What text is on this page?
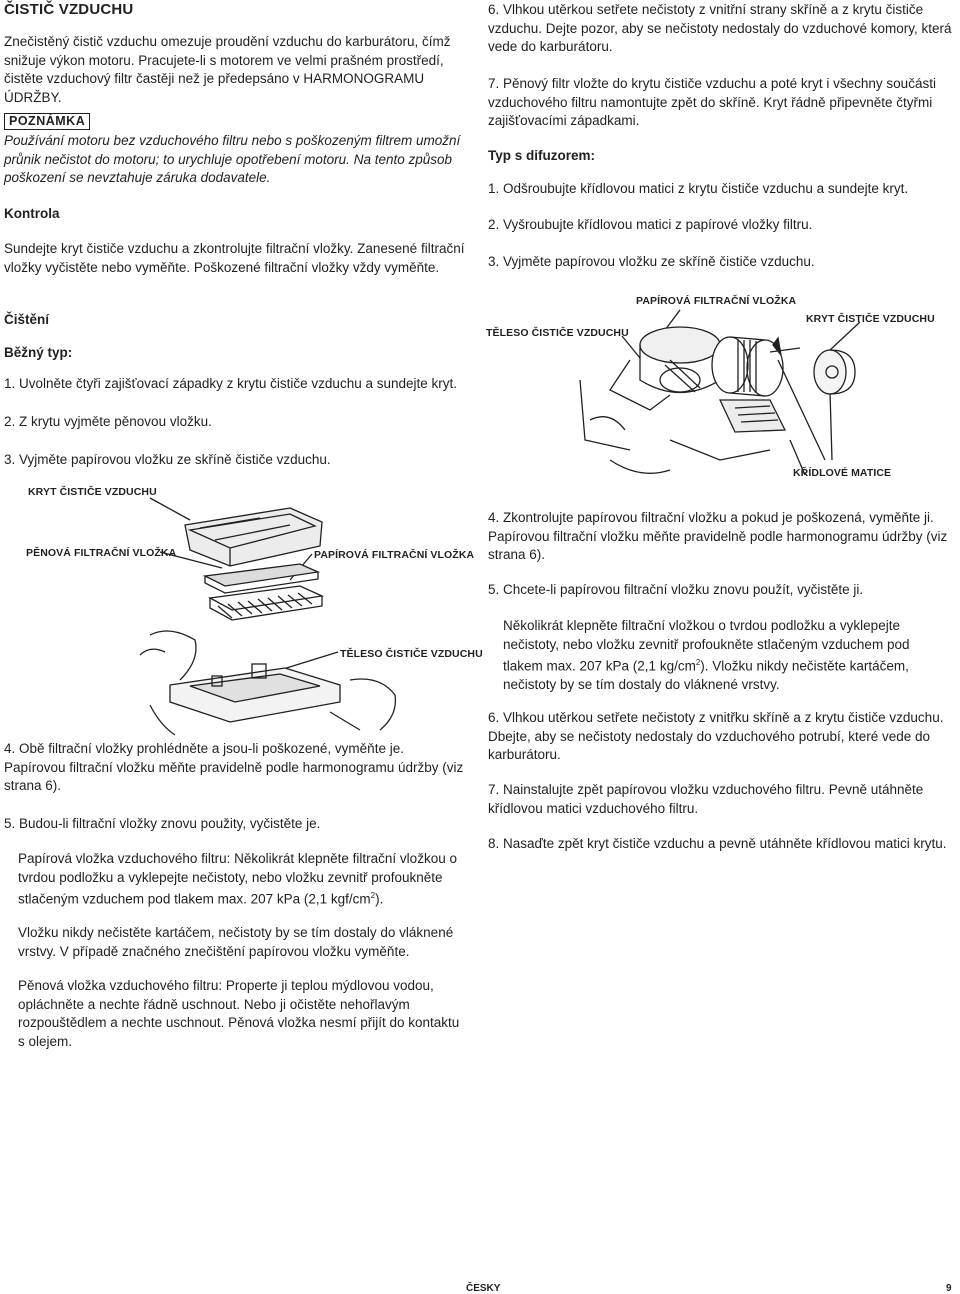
ČISTIČ VZDUCHU
Znečistěný čistič vzduchu omezuje proudění vzduchu do karburátoru, čímž snižuje výkon motoru. Pracujete-li s motorem ve velmi prašném prostředí, čistěte vzduchový filtr častěji než je předepsáno v HARMONOGRAMU ÚDRŽBY.
POZNÁMKA
Používání motoru bez vzduchového filtru nebo s poškozeným filtrem umožní průnik nečistot do motoru; to urychluje opotřebení motoru. Na tento způsob poškození se nevztahuje záruka dodavatele.
Kontrola
Sundejte kryt čističe vzduchu a zkontrolujte filtrační vložky. Zanesené filtrační vložky vyčistěte nebo vyměňte. Poškozené filtrační vložky vždy vyměňte.
Čištění
Běžný typ:
1. Uvolněte čtyři zajišťovací západky z krytu čističe vzduchu a sundejte kryt.
2. Z krytu vyjměte pěnovou vložku.
3. Vyjměte papírovou vložku ze skříně čističe vzduchu.
KRYT ČISTIČE VZDUCHU
PĚNOVÁ FILTRAČNÍ VLOŽKA	PAPÍROVÁ FILTRAČNÍ VLOŽKA
TĚLESO ČISTIČE VZDUCHU
4. Obě filtrační vložky prohlédněte a jsou-li poškozené, vyměňte je. Papírovou filtrační vložku měňte pravidelně podle harmonogramu údržby (viz strana 6).
5. Budou-li filtrační vložky znovu použity, vyčistěte je.
Papírová vložka vzduchového filtru: Několikrát klepněte filtrační vložkou o tvrdou podložku a vyklepejte nečistoty, nebo vložku zevnitř profoukněte stlačeným vzduchem pod tlakem max. 207 kPa (2,1 kgf/$cm^2$).
Vložku nikdy nečistěte kartáčem, nečistoty by se tím dostaly do vláknené vrstvy. V případě značného znečištění papírovou vložku vyměňte.
Pěnová vložka vzduchového filtru: Properte ji teplou mýdlovou vodou, opláchněte a nechte řádně uschnout. Nebo ji očistěte nehořlavým rozpouštědlem a nechte uschnout. Pěnová vložka nesmí přijít do kontaktu s olejem.
6. Vlhkou utěrkou setřete nečistoty z vnitřní strany skříně a z krytu čističe vzduchu. Dejte pozor, aby se nečistoty nedostaly do vzduchové komory, která vede do karburátoru.
7. Pěnový filtr vložte do krytu čističe vzduchu a poté kryt i všechny součásti vzduchového filtru namontujte zpět do skříně. Kryt řádně připevněte čtyřmi zajišťovacími západkami.
Typ s difuzorem:
1. Odšroubujte křídlovou matici z krytu čističe vzduchu a sundejte kryt.
2. Vyšroubujte křídlovou matici z papírové vložky filtru.
3. Vyjměte papírovou vložku ze skříně čističe vzduchu.
PAPÍROVÁ FILTRAČNÍ VLOŽKA
KRYT ČISTIČE VZDUCHU
TĚLESO ČISTIČE VZDUCHU
KŘÍDLOVÉ MATICE
4. Zkontrolujte papírovou filtrační vložku a pokud je poškozená, vyměňte ji. Papírovou filtrační vložku měňte pravidelně podle harmonogramu údržby (viz strana 6).
5. Chcete-li papírovou filtrační vložku znovu použít, vyčistěte ji.
Několikrát klepněte filtrační vložkou o tvrdou podložku a vyklepejte nečistoty, nebo vložku zevnitř profoukněte stlačeným vzduchem pod tlakem max. 207 kPa (2,1 $kg/cm^2$). Vložku nikdy nečistěte kartáčem, nečistoty by se tím dostaly do vláknené vrstvy.
6. Vlhkou utěrkou setřete nečistoty z vnitřku skříně a z krytu čističe vzduchu. Dbejte, aby se nečistoty nedostaly do vzduchového potrubí, které vede do karburátoru.
7. Nainstalujte zpět papírovou vložku vzduchového filtru. Pevně utáhněte křídlovou matici vzduchového filtru.
8. Nasaďte zpět kryt čističe vzduchu a pevně utáhněte křídlovou matici krytu.
ČESKY	9
